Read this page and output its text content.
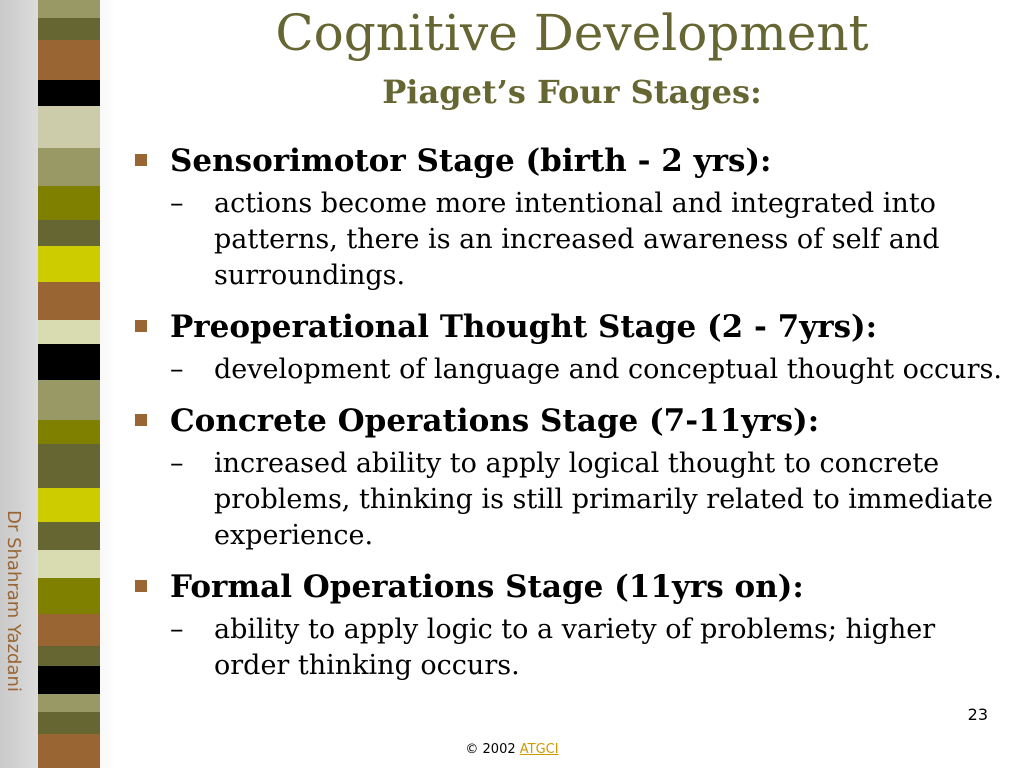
Dr Shahram Yazdani
Cognitive Development
Piaget’s Four Stages:
Sensorimotor Stage (birth - 2 yrs):
– actions become more intentional and integrated into patterns, there is an increased awareness of self and surroundings.
Preoperational Thought Stage (2 - 7yrs):
– development of language and conceptual thought occurs.
Concrete Operations Stage (7-11yrs):
– increased ability to apply logical thought to concrete problems, thinking is still primarily related to immediate experience.
Formal Operations Stage (11yrs on):
– ability to apply logic to a variety of problems; higher order thinking occurs.
23
© 2002 ATGCI
